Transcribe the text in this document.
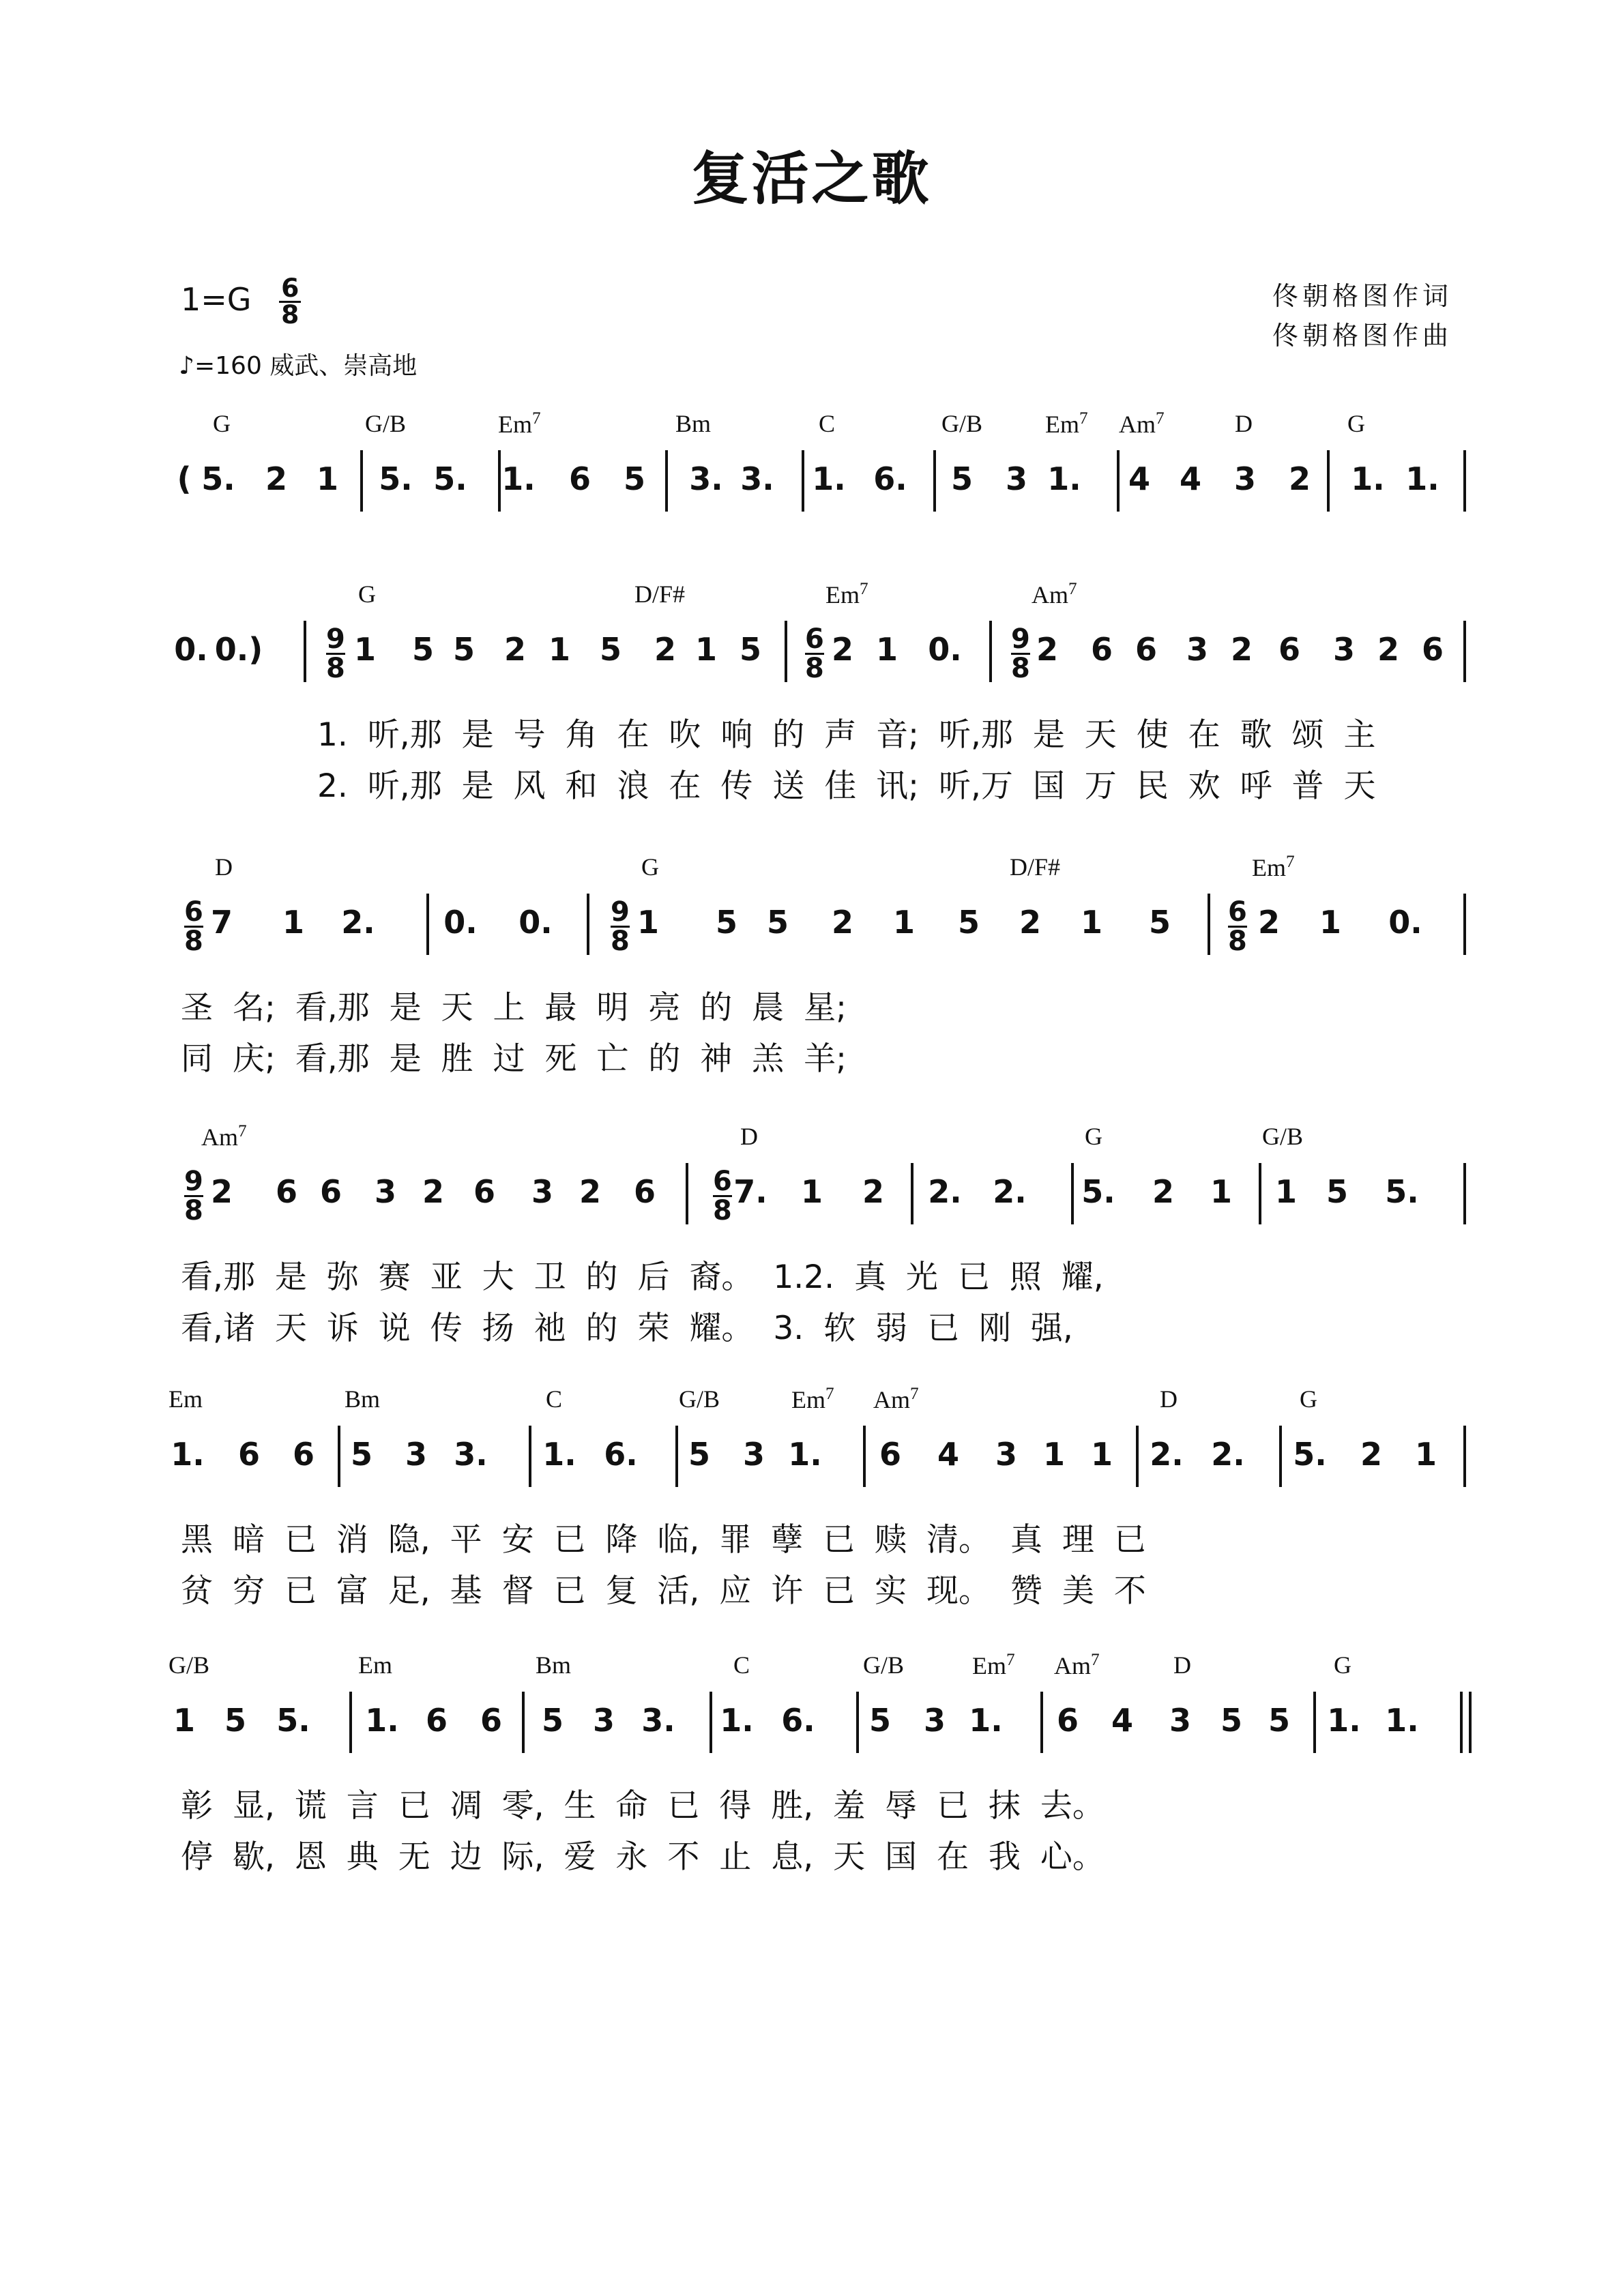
复活之歌
$1=G \frac{6}{8}$
♪=160 威武、崇高地
佟朝格图作词
佟朝格图作曲
G	G/B	Em$^7$	Bm	C	G/B	Em$^7$ Am$^7$	D	G
( 5. 2 1 5. 5. 1. 6 5 3. 3. 1. 6. 5 3 1. 4 4 3 2 1. 1.
G	D/F#	Em$^7$	Am$^7$
0. 0.)	1 5 5 2 1 5 2 1 5 2 1 0. 2 6 6 3 2 6 3 2 6
$\frac{9}{8}$	$\frac{6}{8}$	$\frac{9}{8}$
1. 听,那 是 号 角 在 吹 响 的 声 音; 听,那 是 天 使 在 歌 颂 主
2. 听,那 是 风 和 浪 在 传 送 佳 讯; 听,万 国 万 民 欢 呼 普 天
D	G	D/F#	Em$^7$
7 1 2. 0. 0.	1 5 5 2 1 5 2 1 5	2 1 0.
$\frac{6}{8}$	$\frac{9}{8}$	$\frac{6}{8}$
圣 名; 看,那 是 天 上 最 明 亮 的 晨 星;
同 庆; 看,那 是 胜 过 死 亡 的 神 羔 羊;
Am$^7$	D	G	G/B
2 6 6 3 2 6 3 2 6 7. 1 2 2. 2. 5. 2 1 1 5 5.
$\frac{9}{8}$	$\frac{6}{8}$
看,那 是 弥 赛 亚 大 卫 的 后 裔。 1.2. 真 光 已 照 耀,
看,诸 天 诉 说 传 扬 祂 的 荣 耀。 3. 软 弱 已 刚 强,
Em	Bm	C	G/B	Em$^7$ Am$^7$	D	G
1. 6 6 5 3 3. 1. 6. 5 3 1. 6 4 3 1 1 2. 2. 5. 2 1
黑 暗 已 消 隐, 平 安 已 降 临, 罪 孽 已 赎 清。 真 理 已
贫 穷 已 富 足, 基 督 已 复 活, 应 许 已 实 现。 赞 美 不
G/B	Em	Bm	C	G/B	Em$^7$ Am$^7$	D	G
1 5 5. 1. 6 6 5 3 3. 1. 6. 5 3 1. 6 4 3 5 5 1. 1.
彰 显, 谎 言 已 凋 零, 生 命 已 得 胜, 羞 辱 已 抹 去。
停 歇, 恩 典 无 边 际, 爱 永 不 止 息, 天 国 在 我 心。
